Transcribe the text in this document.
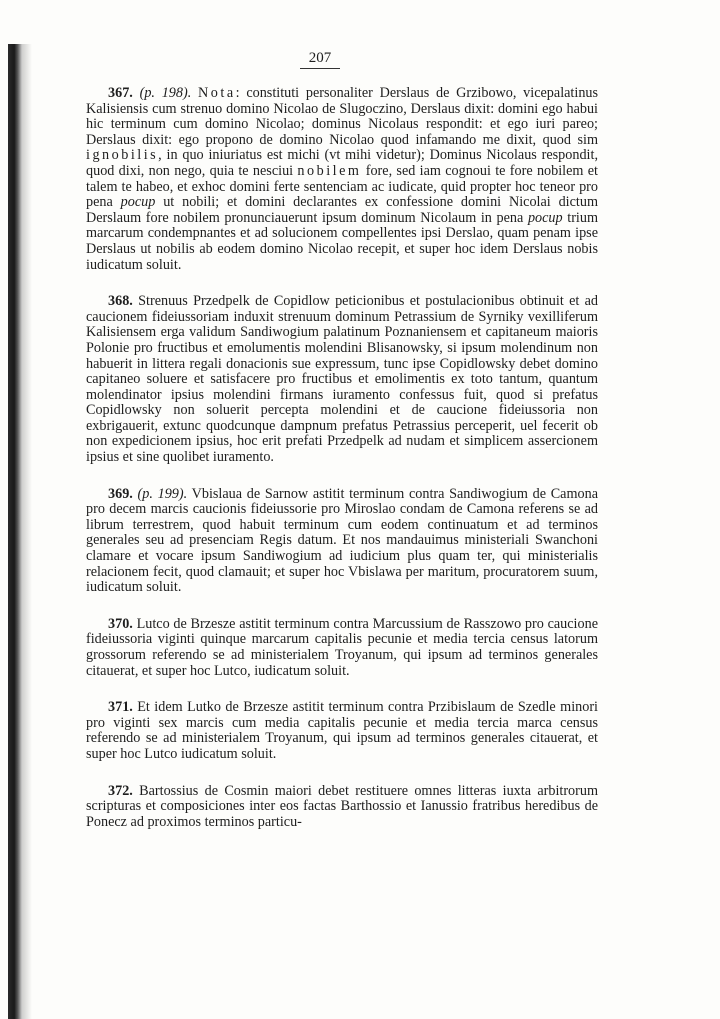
207

367. (p. 198). Nota: constituti personaliter Derslaus de Grzibowo, vicepalatinus Kalisiensis cum strenuo domino Nicolao de Slugoczino, Derslaus dixit: domini ego habui hic terminum cum domino Nicolao; dominus Nicolaus respondit: et ego iuri pareo; Derslaus dixit: ego propono de domino Nicolao quod infamando me dixit, quod sim ignobilis, in quo iniuriatus est michi (vt mihi videtur); Dominus Nicolaus respondit, quod dixi, non nego, quia te nesciui nobilem fore, sed iam cognoui te fore nobilem et talem te habeo, et exhoc domini ferte sentenciam ac iudicate, quid propter hoc teneor pro pena pocup ut nobili; et domini declarantes ex confessione domini Nicolai dictum Derslaum fore nobilem pronunciauerunt ipsum dominum Nicolaum in pena pocup trium marcarum condempnantes et ad solucionem compellentes ipsi Derslao, quam penam ipse Derslaus ut nobilis ab eodem domino Nicolao recepit, et super hoc idem Derslaus nobis iudicatum soluit.

368. Strenuus Przedpelk de Copidlow peticionibus et postulacionibus obtinuit et ad caucionem fideiussoriam induxit strenuum dominum Petrassium de Syrniky vexilliferum Kalisiensem erga validum Sandiwogium palatinum Poznaniensem et capitaneum maioris Polonie pro fructibus et emolumentis molendini Blisanowsky, si ipsum molendinum non habuerit in littera regali donacionis sue expressum, tunc ipse Copidlowsky debet domino capitaneo soluere et satisfacere pro fructibus et emolimentis ex toto tantum, quantum molendinator ipsius molendini firmans iuramento confessus fuit, quod si prefatus Copidlowsky non soluerit percepta molendini et de caucione fideiussoria non exbrigauerit, extunc quodcunque dampnum prefatus Petrassius perceperit, uel fecerit ob non expedicionem ipsius, hoc erit prefati Przedpelk ad nudam et simplicem assercionem ipsius et sine quolibet iuramento.

369. (p. 199). Vbislaua de Sarnow astitit terminum contra Sandiwogium de Camona pro decem marcis caucionis fideiussorie pro Miroslao condam de Camona referens se ad librum terrestrem, quod habuit terminum cum eodem continuatum et ad terminos generales seu ad presenciam Regis datum. Et nos mandauimus ministeriali Swanchoni clamare et vocare ipsum Sandiwogium ad iudicium plus quam ter, qui ministerialis relacionem fecit, quod clamauit; et super hoc Vbislawa per maritum, procuratorem suum, iudicatum soluit.

370. Lutco de Brzesze astitit terminum contra Marcussium de Rasszowo pro caucione fideiussoria viginti quinque marcarum capitalis pecunie et media tercia census latorum grossorum referendo se ad ministerialem Troyanum, qui ipsum ad terminos generales citauerat, et super hoc Lutco, iudicatum soluit.

371. Et idem Lutko de Brzesze astitit terminum contra Przibislaum de Szedle minori pro viginti sex marcis cum media capitalis pecunie et media tercia marca census referendo se ad ministerialem Troyanum, qui ipsum ad terminos generales citauerat, et super hoc Lutco iudicatum soluit.

372. Bartossius de Cosmin maiori debet restituere omnes litteras iuxta arbitrorum scripturas et composiciones inter eos factas Barthossio et Ianussio fratribus heredibus de Ponecz ad proximos terminos particu-
